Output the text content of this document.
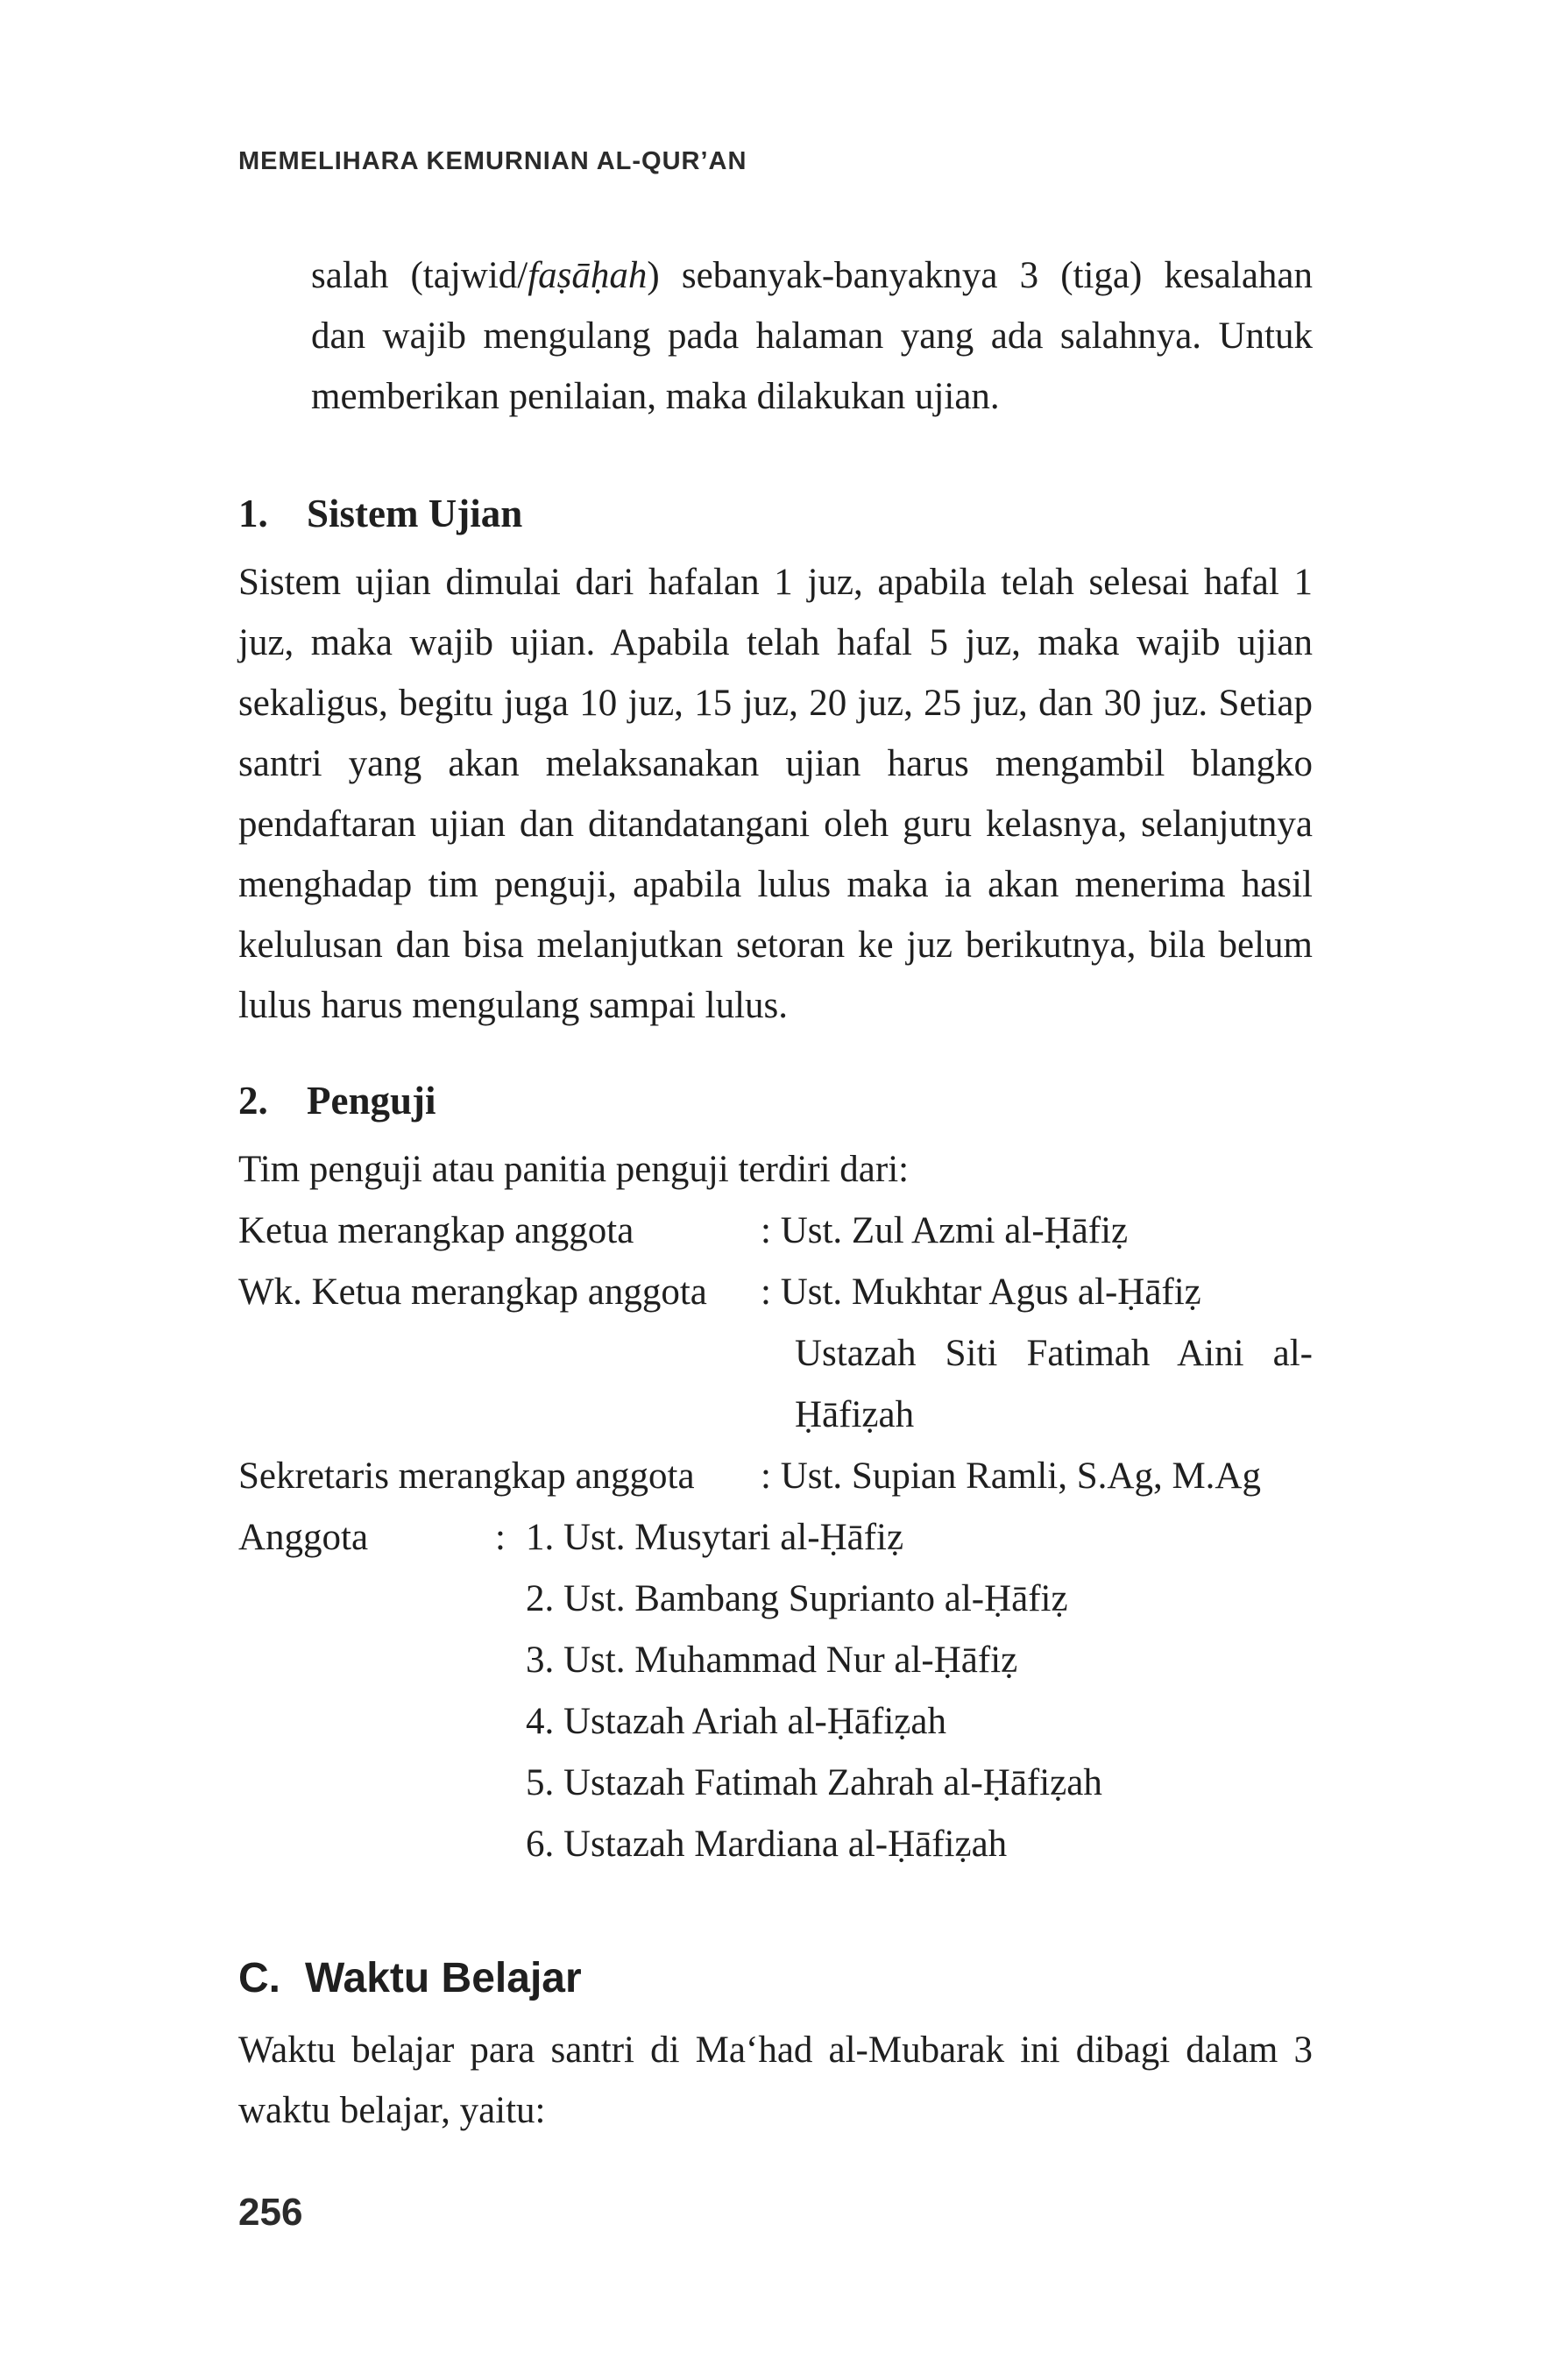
MEMELIHARA KEMURNIAN AL-QUR’AN
salah (tajwid/faṣāḥah) sebanyak-banyaknya 3 (tiga) kesalahan dan wajib mengulang pada halaman yang ada salahnya. Untuk memberikan penilaian, maka dilakukan ujian.
1. Sistem Ujian
Sistem ujian dimulai dari hafalan 1 juz, apabila telah selesai hafal 1 juz, maka wajib ujian. Apabila telah hafal 5 juz, maka wajib ujian sekaligus, begitu juga 10 juz, 15 juz, 20 juz, 25 juz, dan 30 juz. Setiap santri yang akan melaksanakan ujian harus mengambil blangko pendaftaran ujian dan ditandatangani oleh guru kelasnya, selanjutnya menghadap tim penguji, apabila lulus maka ia akan menerima hasil kelulusan dan bisa melanjutkan setoran ke juz berikutnya, bila belum lulus harus mengulang sampai lulus.
2. Penguji
Tim penguji atau panitia penguji terdiri dari:
Ketua merangkap anggota	: Ust. Zul Azmi al-Ḥāfiẓ
Wk. Ketua merangkap anggota : Ust. Mukhtar Agus al-Ḥāfiẓ
Ustazah Siti Fatimah Aini al-
Ḥāfiẓah
Sekretaris merangkap anggota : Ust. Supian Ramli, S.Ag, M.Ag
Anggota	: 1. Ust. Musytari al-Ḥāfiẓ
2. Ust. Bambang Suprianto al-Ḥāfiẓ
3. Ust. Muhammad Nur al-Ḥāfiẓ
4. Ustazah Ariah al-Ḥāfiẓah
5. Ustazah Fatimah Zahrah al-Ḥāfiẓah
6. Ustazah Mardiana al-Ḥāfiẓah
C. Waktu Belajar
Waktu belajar para santri di Ma‘had al-Mubarak ini dibagi dalam 3 waktu belajar, yaitu:
256
